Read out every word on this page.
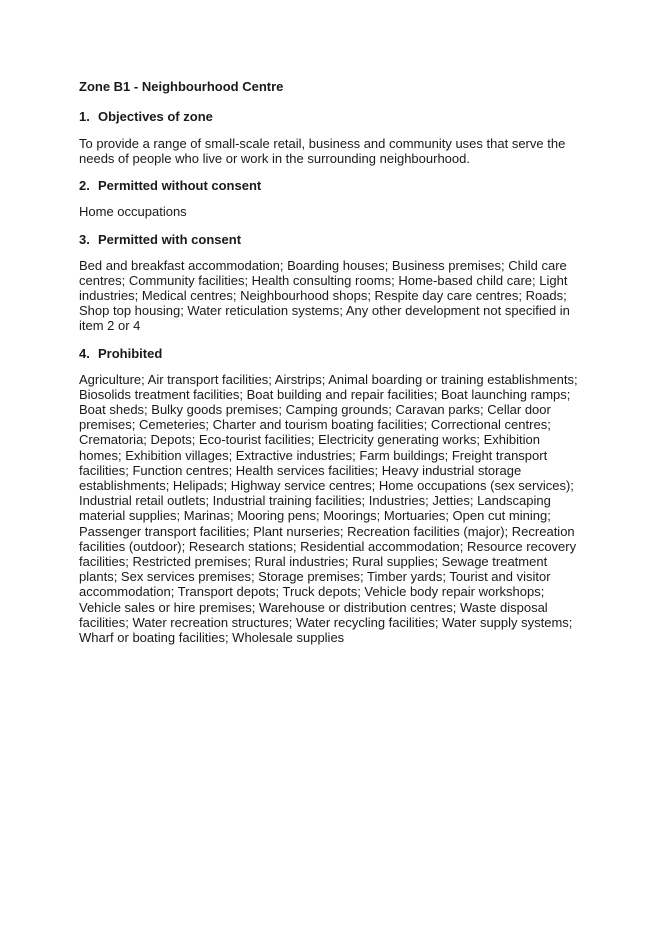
Zone B1 - Neighbourhood Centre
1. Objectives of zone

To provide a range of small-scale retail, business and community uses that serve the needs of people who live or work in the surrounding neighbourhood.

2. Permitted without consent

Home occupations

3. Permitted with consent

Bed and breakfast accommodation; Boarding houses; Business premises; Child care centres; Community facilities; Health consulting rooms; Home-based child care; Light industries; Medical centres; Neighbourhood shops; Respite day care centres; Roads; Shop top housing; Water reticulation systems; Any other development not specified in item 2 or 4

4. Prohibited

Agriculture; Air transport facilities; Airstrips; Animal boarding or training establishments; Biosolids treatment facilities; Boat building and repair facilities; Boat launching ramps; Boat sheds; Bulky goods premises; Camping grounds; Caravan parks; Cellar door premises; Cemeteries; Charter and tourism boating facilities; Correctional centres; Crematoria; Depots; Eco-tourist facilities; Electricity generating works; Exhibition homes; Exhibition villages; Extractive industries; Farm buildings; Freight transport facilities; Function centres; Health services facilities; Heavy industrial storage establishments; Helipads; Highway service centres; Home occupations (sex services); Industrial retail outlets; Industrial training facilities; Industries; Jetties; Landscaping material supplies; Marinas; Mooring pens; Moorings; Mortuaries; Open cut mining; Passenger transport facilities; Plant nurseries; Recreation facilities (major); Recreation facilities (outdoor); Research stations; Residential accommodation; Resource recovery facilities; Restricted premises; Rural industries; Rural supplies; Sewage treatment plants; Sex services premises; Storage premises; Timber yards; Tourist and visitor accommodation; Transport depots; Truck depots; Vehicle body repair workshops; Vehicle sales or hire premises; Warehouse or distribution centres; Waste disposal facilities; Water recreation structures; Water recycling facilities; Water supply systems; Wharf or boating facilities; Wholesale supplies
